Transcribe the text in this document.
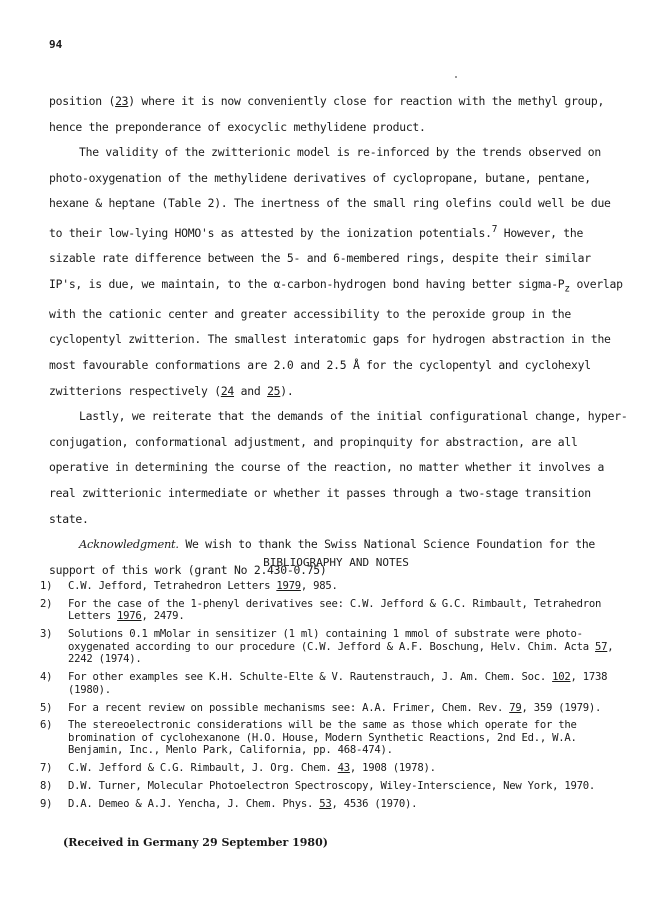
94

position (23) where it is now conveniently close for reaction with the methyl group, hence the preponderance of exocyclic methylidene product.

The validity of the zwitterionic model is re-inforced by the trends observed on photo-oxygenation of the methylidene derivatives of cyclopropane, butane, pentane, hexane & heptane (Table 2). The inertness of the small ring olefins could well be due to their low-lying HOMO's as attested by the ionization potentials.$^7$ However, the sizable rate difference between the 5- and 6-membered rings, despite their similar IP's, is due, we maintain, to the α-carbon-hydrogen bond having better sigma-$P_z$ overlap with the cationic center and greater accessibility to the peroxide group in the cyclopentyl zwitterion. The smallest interatomic gaps for hydrogen abstraction in the most favourable conformations are 2.0 and 2.5 Å for the cyclopentyl and cyclohexyl zwitterions respectively (24 and 25).

Lastly, we reiterate that the demands of the initial configurational change, hyper-conjugation, conformational adjustment, and propinquity for abstraction, are all operative in determining the course of the reaction, no matter whether it involves a real zwitterionic intermediate or whether it passes through a two-stage transition state.

Acknowledgment. We wish to thank the Swiss National Science Foundation for the support of this work (grant No 2.430-0.75)

BIBLIOGRAPHY AND NOTES
1) C.W. Jefford, Tetrahedron Letters 1979, 985.
2) For the case of the 1-phenyl derivatives see: C.W. Jefford & G.C. Rimbault, Tetrahedron Letters 1976, 2479.
3) Solutions 0.1 mMolar in sensitizer (1 ml) containing 1 mmol of substrate were photo-oxygenated according to our procedure (C.W. Jefford & A.F. Boschung, Helv. Chim. Acta 57, 2242 (1974).
4) For other examples see K.H. Schulte-Elte & V. Rautenstrauch, J. Am. Chem. Soc. 102, 1738 (1980).
5) For a recent review on possible mechanisms see: A.A. Frimer, Chem. Rev. 79, 359 (1979).
6) The stereoelectronic considerations will be the same as those which operate for the bromination of cyclohexanone (H.O. House, Modern Synthetic Reactions, 2nd Ed., W.A. Benjamin, Inc., Menlo Park, California, pp. 468-474).
7) C.W. Jefford & C.G. Rimbault, J. Org. Chem. 43, 1908 (1978).
8) D.W. Turner, Molecular Photoelectron Spectroscopy, Wiley-Interscience, New York, 1970.
9) D.A. Demeo & A.J. Yencha, J. Chem. Phys. 53, 4536 (1970).
(Received in Germany 29 September 1980)
